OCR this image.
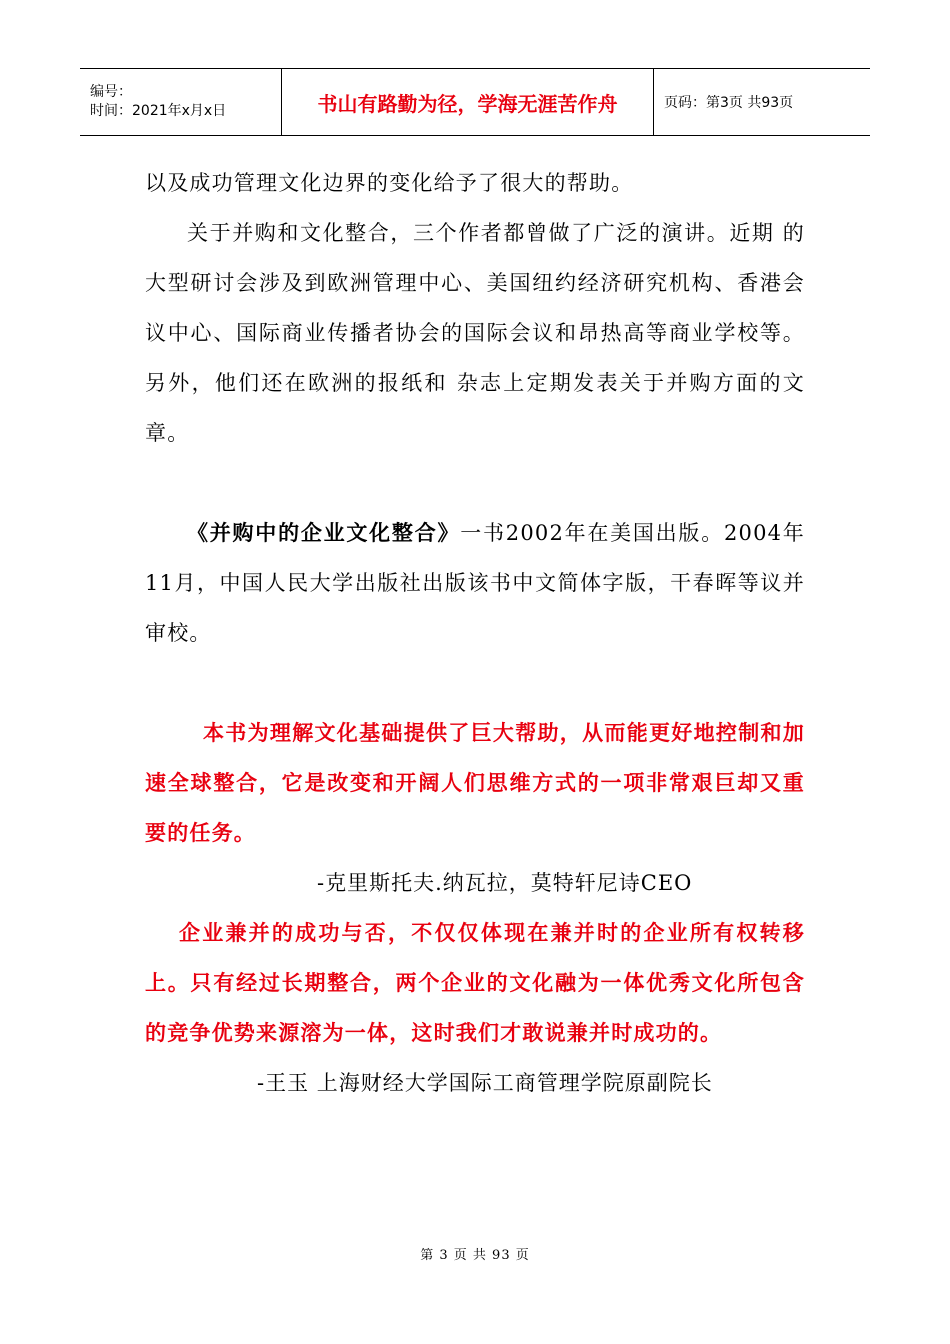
编号：
时间：2021年x月x日	书山有路勤为径，学海无涯苦作舟	页码：第3页 共93页

以及成功管理文化边界的变化给予了很大的帮助。

关于并购和文化整合，三个作者都曾做了广泛的演讲。近期 的大型研讨会涉及到欧洲管理中心、美国纽约经济研究机构、香港会议中心、国际商业传播者协会的国际会议和昂热高等商业学校等。另外，他们还在欧洲的报纸和 杂志上定期发表关于并购方面的文章。

《并购中的企业文化整合》一书2002年在美国出版。2004年11月，中国人民大学出版社出版该书中文简体字版，干春晖等议并审校。

本书为理解文化基础提供了巨大帮助，从而能更好地控制和加速全球整合，它是改变和开阔人们思维方式的一项非常艰巨却又重要的任务。

-克里斯托夫.纳瓦拉，莫特轩尼诗CEO

企业兼并的成功与否，不仅仅体现在兼并时的企业所有权转移上。只有经过长期整合，两个企业的文化融为一体优秀文化所包含的竞争优势来源溶为一体，这时我们才敢说兼并时成功的。

-王玉 上海财经大学国际工商管理学院原副院长

第 3 页 共 93 页
